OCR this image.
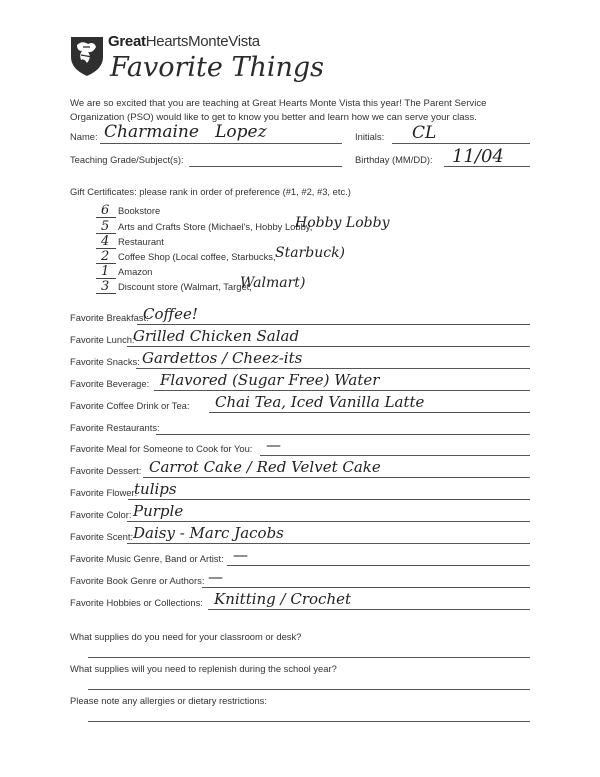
GreatHeartsMonteVista
Favorite Things
We are so excited that you are teaching at Great Hearts Monte Vista this year! The Parent Service Organization (PSO) would like to get to know you better and learn how we can serve your class.
Name: Charmaine   Lopez	Initials: CL
Teaching Grade/Subject(s):	Birthday (MM/DD): 11/04
Gift Certificates: please rank in order of preference (#1, #2, #3, etc.)
6 Bookstore
5 Arts and Crafts Store (Michael's, Hobby Lobby,
Hobby Lobby
4 Restaurant
2 Coffee Shop (Local coffee, Starbucks, Starbuck)
1 Amazon
3 Discount store (Walmart, Target,
Walmart)
Favorite Breakfast:
Coffee!
Favorite Lunch:
Grilled Chicken Salad
Favorite Snacks: Gardettos / Cheez-its
Favorite Beverage: Flavored (Sugar Free) Water
Favorite Coffee Drink or Tea: Chai Tea, Iced Vanilla Latte
Favorite Restaurants:
Favorite Meal for Someone to Cook for You: —
Favorite Dessert: Carrot Cake / Red Velvet Cake
Favorite Flower:
tulips
Favorite Color: Purple
Favorite Scent: Daisy - Marc Jacobs
Favorite Music Genre, Band or Artist: —
Favorite Book Genre or Authors: —
Favorite Hobbies or Collections: Knitting / Crochet
What supplies do you need for your classroom or desk?
What supplies will you need to replenish during the school year?
Please note any allergies or dietary restrictions:
